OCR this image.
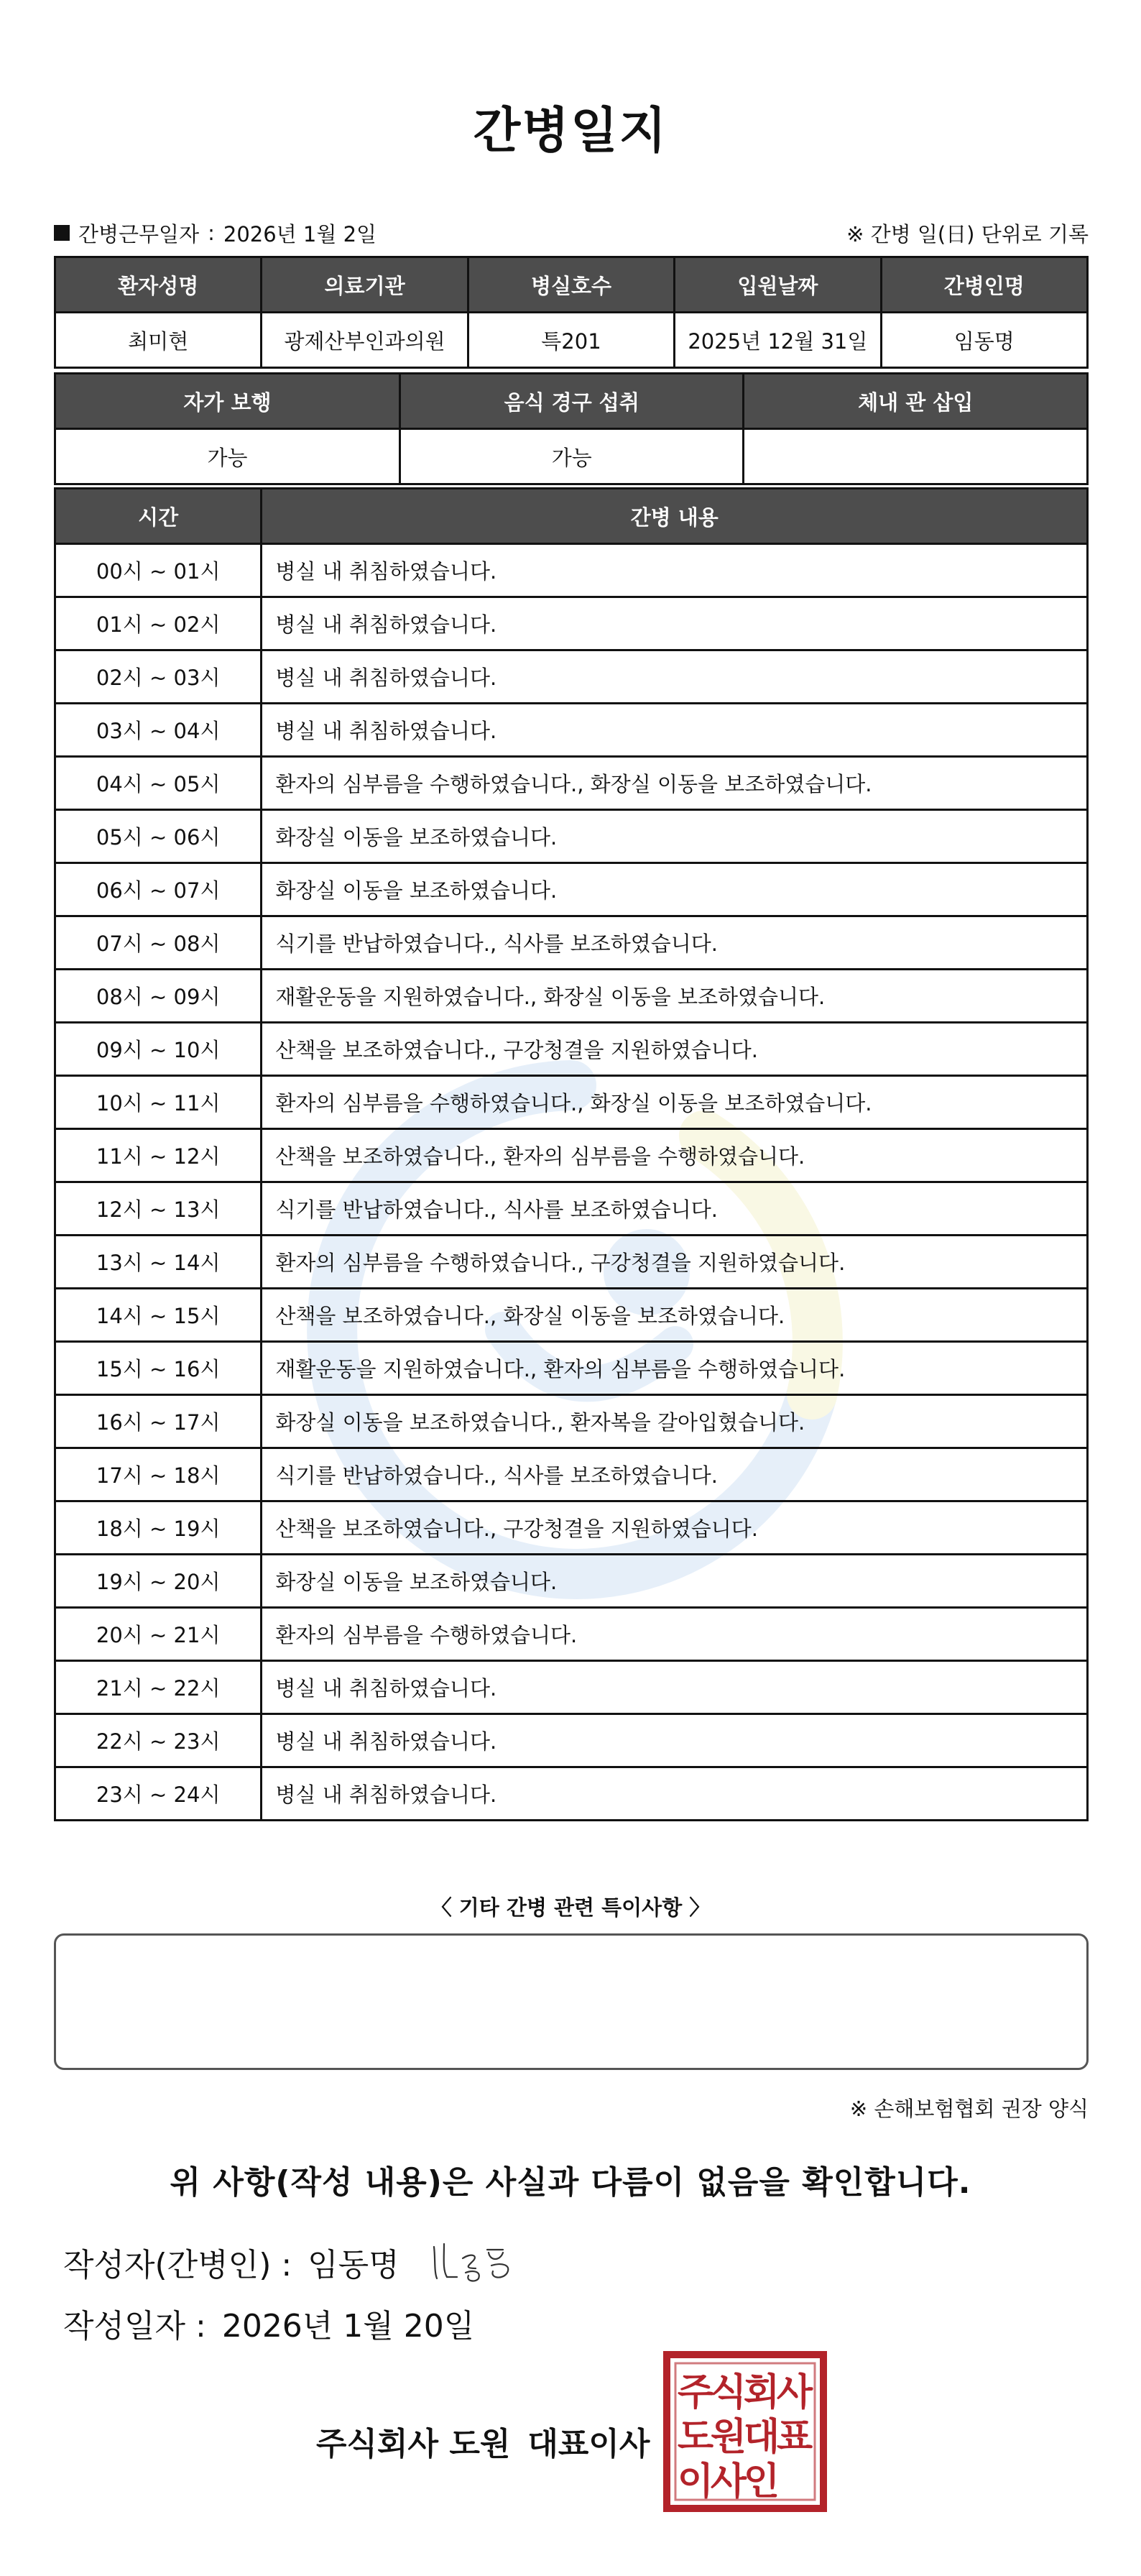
간병일지
간병근무일자 : 2026년 1월 2일	※ 간병 일(日) 단위로 기록
환자성명	의료기관	병실호수	입원날짜	간병인명
최미현	광제산부인과의원	특201	2025년 12월 31일	임동명
자가 보행	음식 경구 섭취	체내 관 삽입
가능	가능	
시간	간병 내용
00시 ~ 01시	병실 내 취침하였습니다.
01시 ~ 02시	병실 내 취침하였습니다.
02시 ~ 03시	병실 내 취침하였습니다.
03시 ~ 04시	병실 내 취침하였습니다.
04시 ~ 05시	환자의 심부름을 수행하였습니다., 화장실 이동을 보조하였습니다.
05시 ~ 06시	화장실 이동을 보조하였습니다.
06시 ~ 07시	화장실 이동을 보조하였습니다.
07시 ~ 08시	식기를 반납하였습니다., 식사를 보조하였습니다.
08시 ~ 09시	재활운동을 지원하였습니다., 화장실 이동을 보조하였습니다.
09시 ~ 10시	산책을 보조하였습니다., 구강청결을 지원하였습니다.
10시 ~ 11시	환자의 심부름을 수행하였습니다., 화장실 이동을 보조하였습니다.
11시 ~ 12시	산책을 보조하였습니다., 환자의 심부름을 수행하였습니다.
12시 ~ 13시	식기를 반납하였습니다., 식사를 보조하였습니다.
13시 ~ 14시	환자의 심부름을 수행하였습니다., 구강청결을 지원하였습니다.
14시 ~ 15시	산책을 보조하였습니다., 화장실 이동을 보조하였습니다.
15시 ~ 16시	재활운동을 지원하였습니다., 환자의 심부름을 수행하였습니다.
16시 ~ 17시	화장실 이동을 보조하였습니다., 환자복을 갈아입혔습니다.
17시 ~ 18시	식기를 반납하였습니다., 식사를 보조하였습니다.
18시 ~ 19시	산책을 보조하였습니다., 구강청결을 지원하였습니다.
19시 ~ 20시	화장실 이동을 보조하였습니다.
20시 ~ 21시	환자의 심부름을 수행하였습니다.
21시 ~ 22시	병실 내 취침하였습니다.
22시 ~ 23시	병실 내 취침하였습니다.
23시 ~ 24시	병실 내 취침하였습니다.
〈 기타 간병 관련 특이사항 〉
※ 손해보험협회 권장 양식
위 사항(작성 내용)은 사실과 다름이 없음을 확인합니다.
작성자(간병인) : 임동명
작성일자 : 2026년 1월 20일
주식회사 도원 대표이사
주
식
회
사
도
원
대
표
이
사
인
